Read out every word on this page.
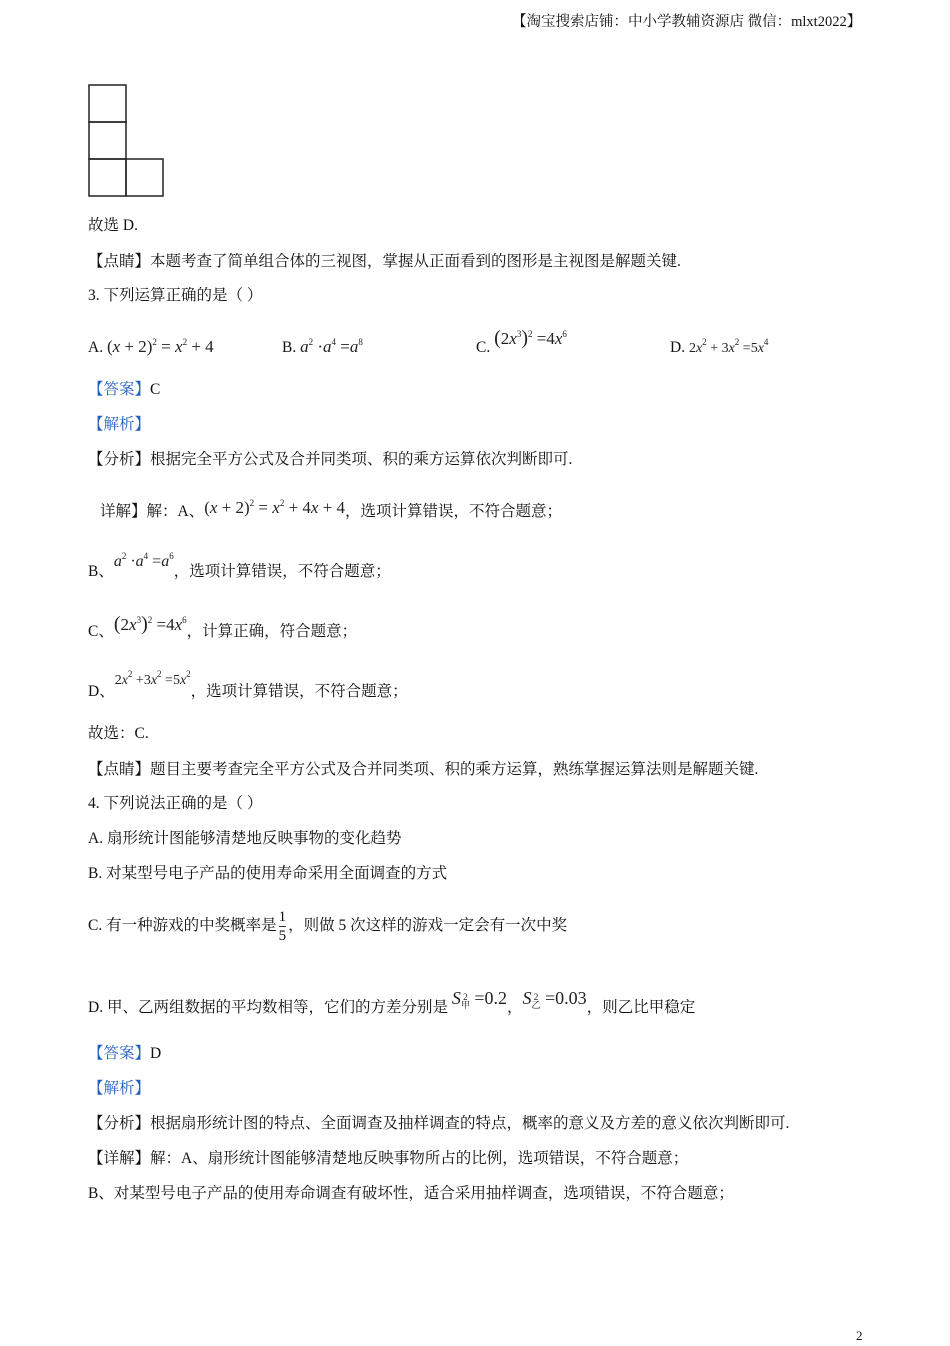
【淘宝搜索店铺：中小学教辅资源店 微信：mlxt2022】
故选 D.
【点睛】本题考查了简单组合体的三视图，掌握从正面看到的图形是主视图是解题关键.
3. 下列运算正确的是（ ）
A. $(x + 2)^2 = x^2 + 4$	B. $a^2 \cdot a^4 =a^8$	C. $(2x^3)^2 =4x^6$
D. $2x^2 + 3x^2 =5x^4$
【答案】C
【解析】
【分析】根据完全平方公式及合并同类项、积的乘方运算依次判断即可.
详解】解：A、$(x + 2)^2 = x^2 + 4x + 4$，选项计算错误，不符合题意；
B、$a^2 \cdot a^4 =a^6$，选项计算错误，不符合题意；
C、$(2x^3)^2 =4x^6$，计算正确，符合题意；
D、$2x^2 +3x^2 =5x^2$，选项计算错误，不符合题意；
故选：C.
【点睛】题目主要考查完全平方公式及合并同类项、积的乘方运算，熟练掌握运算法则是解题关键.
4. 下列说法正确的是（ ）
A. 扇形统计图能够清楚地反映事物的变化趋势
B. 对某型号电子产品的使用寿命采用全面调查的方式
C. 有一种游戏的中奖概率是 $\frac{1}{5}$ ，则做 5 次这样的游戏一定会有一次中奖
D. 甲、乙两组数据的平均数相等，它们的方差分别是 S 2
甲 =0.2，S 2
乙 =0.03，则乙比甲稳定
【答案】D
【解析】
【分析】根据扇形统计图的特点、全面调查及抽样调查的特点，概率的意义及方差的意义依次判断即可.
【详解】解：A、扇形统计图能够清楚地反映事物所占的比例，选项错误，不符合题意；
B、对某型号电子产品的使用寿命调查有破坏性，适合采用抽样调查，选项错误，不符合题意；
2
